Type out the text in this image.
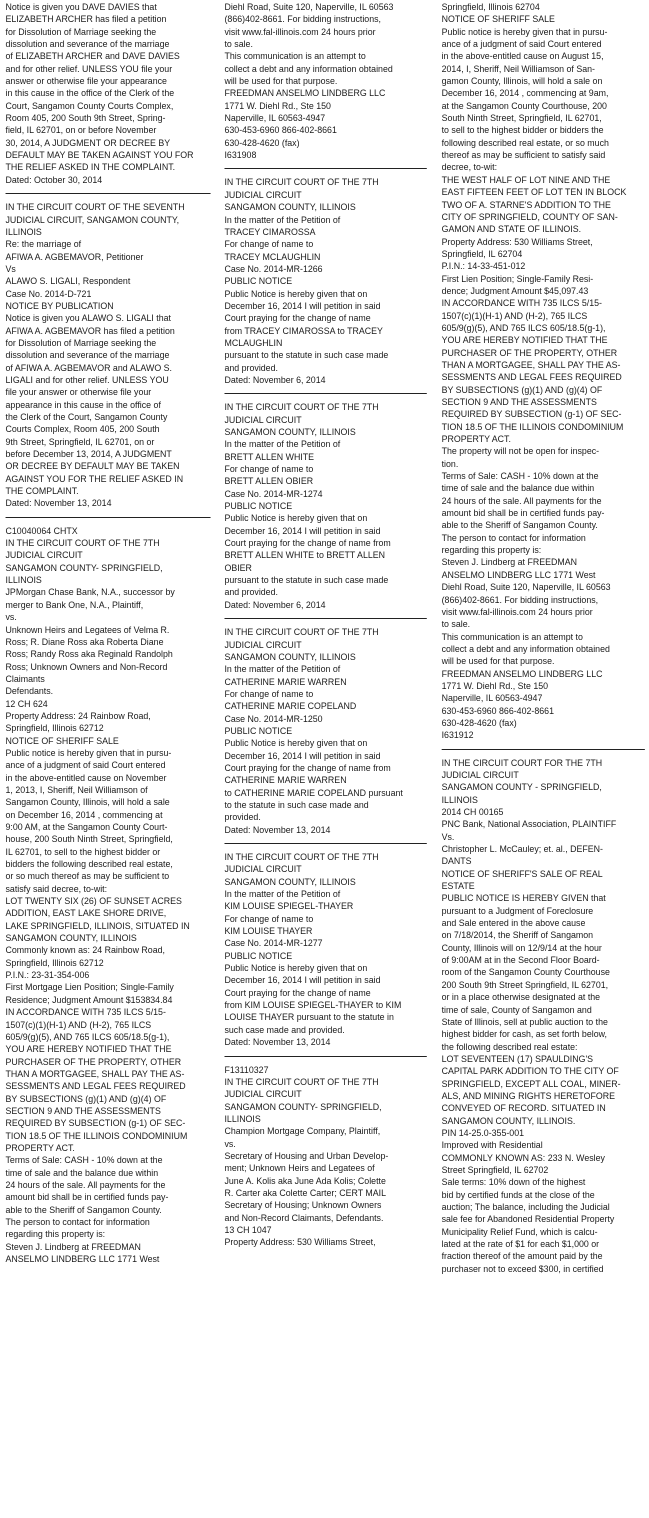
Notice is given you DAVE DAVIES that
ELIZABETH ARCHER has filed a petition
for Dissolution of Marriage seeking the
dissolution and severance of the marriage
of ELIZABETH ARCHER and DAVE DAVIES
and for other relief. UNLESS YOU file your
answer or otherwise file your appearance
in this cause in the office of the Clerk of the
Court, Sangamon County Courts Complex,
Room 405, 200 South 9th Street, Spring-
field, IL 62701, on or before November
30, 2014, A JUDGMENT OR DECREE BY
DEFAULT MAY BE TAKEN AGAINST YOU FOR
THE RELIEF ASKED IN THE COMPLAINT.
Dated: October 30, 2014
IN THE CIRCUIT COURT OF THE SEVENTH
JUDICIAL CIRCUIT, SANGAMON COUNTY,
ILLINOIS
Re: the marriage of
AFIWA A. AGBEMAVOR, Petitioner
Vs
ALAWO S. LIGALI, Respondent
Case No. 2014-D-721
NOTICE BY PUBLICATION
Notice is given you ALAWO S. LIGALI that
AFIWA A. AGBEMAVOR has filed a petition
for Dissolution of Marriage seeking the
dissolution and severance of the marriage
of AFIWA A. AGBEMAVOR and ALAWO S.
LIGALI and for other relief. UNLESS YOU
file your answer or otherwise file your
appearance in this cause in the office of
the Clerk of the Court, Sangamon County
Courts Complex, Room 405, 200 South
9th Street, Springfield, IL 62701, on or
before December 13, 2014, A JUDGMENT
OR DECREE BY DEFAULT MAY BE TAKEN
AGAINST YOU FOR THE RELIEF ASKED IN
THE COMPLAINT.
Dated: November 13, 2014
C10040064 CHTX
IN THE CIRCUIT COURT OF THE 7TH
JUDICIAL CIRCUIT
SANGAMON COUNTY- SPRINGFIELD,
ILLINOIS
JPMorgan Chase Bank, N.A., successor by
merger to Bank One, N.A., Plaintiff,
vs.
Unknown Heirs and Legatees of Velma R.
Ross; R. Diane Ross aka Roberta Diane
Ross; Randy Ross aka Reginald Randolph
Ross; Unknown Owners and Non-Record
Claimants
Defendants.
12 CH 624
Property Address: 24 Rainbow Road,
Springfield, Illinois 62712
NOTICE OF SHERIFF SALE
Public notice is hereby given that in pursu-
ance of a judgment of said Court entered
in the above-entitled cause on November
1, 2013, I, Sheriff, Neil Williamson of
Sangamon County, Illinois, will hold a sale
on December 16, 2014 , commencing at
9:00 AM, at the Sangamon County Court-
house, 200 South Ninth Street, Springfield,
IL 62701, to sell to the highest bidder or
bidders the following described real estate,
or so much thereof as may be sufficient to
satisfy said decree, to-wit:
LOT TWENTY SIX (26) OF SUNSET ACRES
ADDITION, EAST LAKE SHORE DRIVE,
LAKE SPRINGFIELD, ILLINOIS, SITUATED IN
SANGAMON COUNTY, ILLINOIS
Commonly known as: 24 Rainbow Road,
Springfield, Illinois 62712
P.I.N.: 23-31-354-006
First Mortgage Lien Position; Single-Family
Residence; Judgment Amount $153834.84
IN ACCORDANCE WITH 735 ILCS 5/15-
1507(c)(1)(H-1) AND (H-2), 765 ILCS
605/9(g)(5), AND 765 ILCS 605/18.5(g-1),
YOU ARE HEREBY NOTIFIED THAT THE
PURCHASER OF THE PROPERTY, OTHER
THAN A MORTGAGEE, SHALL PAY THE AS-
SESSMENTS AND LEGAL FEES REQUIRED
BY SUBSECTIONS (g)(1) AND (g)(4) OF
SECTION 9 AND THE ASSESSMENTS
REQUIRED BY SUBSECTION (g-1) OF SEC-
TION 18.5 OF THE ILLINOIS CONDOMINIUM
PROPERTY ACT.
Terms of Sale: CASH - 10% down at the
time of sale and the balance due within
24 hours of the sale. All payments for the
amount bid shall be in certified funds pay-
able to the Sheriff of Sangamon County.
The person to contact for information
regarding this property is:
Steven J. Lindberg at FREEDMAN
ANSELMO LINDBERG LLC 1771 West
Diehl Road, Suite 120, Naperville, IL 60563
(866)402-8661. For bidding instructions,
visit www.fal-illinois.com 24 hours prior
to sale.
This communication is an attempt to
collect a debt and any information obtained
will be used for that purpose.
FREEDMAN ANSELMO LINDBERG LLC
1771 W. Diehl Rd., Ste 150
Naperville, IL 60563-4947
630-453-6960 866-402-8661
630-428-4620 (fax)
I631908
IN THE CIRCUIT COURT OF THE 7TH
JUDICIAL CIRCUIT
SANGAMON COUNTY, ILLINOIS
In the matter of the Petition of
TRACEY CIMAROSSA
For change of name to
TRACEY MCLAUGHLIN
Case No. 2014-MR-1266
PUBLIC NOTICE
Public Notice is hereby given that on
December 16, 2014 I will petition in said
Court praying for the change of name
from TRACEY CIMAROSSA to TRACEY
MCLAUGHLIN
pursuant to the statute in such case made
and provided.
Dated: November 6, 2014
IN THE CIRCUIT COURT OF THE 7TH
JUDICIAL CIRCUIT
SANGAMON COUNTY, ILLINOIS
In the matter of the Petition of
BRETT ALLEN WHITE
For change of name to
BRETT ALLEN OBIER
Case No. 2014-MR-1274
PUBLIC NOTICE
Public Notice is hereby given that on
December 16, 2014 I will petition in said
Court praying for the change of name from
BRETT ALLEN WHITE to BRETT ALLEN
OBIER
pursuant to the statute in such case made
and provided.
Dated: November 6, 2014
IN THE CIRCUIT COURT OF THE 7TH
JUDICIAL CIRCUIT
SANGAMON COUNTY, ILLINOIS
In the matter of the Petition of
CATHERINE MARIE WARREN
For change of name to
CATHERINE MARIE COPELAND
Case No. 2014-MR-1250
PUBLIC NOTICE
Public Notice is hereby given that on
December 16, 2014 I will petition in said
Court praying for the change of name from
CATHERINE MARIE WARREN
to CATHERINE MARIE COPELAND pursuant
to the statute in such case made and
provided.
Dated: November 13, 2014
IN THE CIRCUIT COURT OF THE 7TH
JUDICIAL CIRCUIT
SANGAMON COUNTY, ILLINOIS
In the matter of the Petition of
KIM LOUISE SPIEGEL-THAYER
For change of name to
KIM LOUISE THAYER
Case No. 2014-MR-1277
PUBLIC NOTICE
Public Notice is hereby given that on
December 16, 2014 I will petition in said
Court praying for the change of name
from KIM LOUISE SPIEGEL-THAYER to KIM
LOUISE THAYER pursuant to the statute in
such case made and provided.
Dated: November 13, 2014
F13110327
IN THE CIRCUIT COURT OF THE 7TH
JUDICIAL CIRCUIT
SANGAMON COUNTY- SPRINGFIELD,
ILLINOIS
Champion Mortgage Company, Plaintiff,
vs.
Secretary of Housing and Urban Develop-
ment; Unknown Heirs and Legatees of
June A. Kolis aka June Ada Kolis; Colette
R. Carter aka Colette Carter; CERT MAIL
Secretary of Housing; Unknown Owners
and Non-Record Claimants, Defendants.
13 CH 1047
Property Address: 530 Williams Street,
Springfield, Illinois 62704
NOTICE OF SHERIFF SALE
Public notice is hereby given that in pursu-
ance of a judgment of said Court entered
in the above-entitled cause on August 15,
2014, I, Sheriff, Neil Williamson of San-
gamon County, Illinois, will hold a sale on
December 16, 2014 , commencing at 9am,
at the Sangamon County Courthouse, 200
South Ninth Street, Springfield, IL 62701,
to sell to the highest bidder or bidders the
following described real estate, or so much
thereof as may be sufficient to satisfy said
decree, to-wit:
THE WEST HALF OF LOT NINE AND THE
EAST FIFTEEN FEET OF LOT TEN IN BLOCK
TWO OF A. STARNE'S ADDITION TO THE
CITY OF SPRINGFIELD, COUNTY OF SAN-
GAMON AND STATE OF ILLINOIS.
Property Address: 530 Williams Street,
Springfield, IL 62704
P.I.N.: 14-33-451-012
First Lien Position; Single-Family Resi-
dence; Judgment Amount $45,097.43
IN ACCORDANCE WITH 735 ILCS 5/15-
1507(c)(1)(H-1) AND (H-2), 765 ILCS
605/9(g)(5), AND 765 ILCS 605/18.5(g-1),
YOU ARE HEREBY NOTIFIED THAT THE
PURCHASER OF THE PROPERTY, OTHER
THAN A MORTGAGEE, SHALL PAY THE AS-
SESSMENTS AND LEGAL FEES REQUIRED
BY SUBSECTIONS (g)(1) AND (g)(4) OF
SECTION 9 AND THE ASSESSMENTS
REQUIRED BY SUBSECTION (g-1) OF SEC-
TION 18.5 OF THE ILLINOIS CONDOMINIUM
PROPERTY ACT.
The property will not be open for inspec-
tion.
Terms of Sale: CASH - 10% down at the
time of sale and the balance due within
24 hours of the sale. All payments for the
amount bid shall be in certified funds pay-
able to the Sheriff of Sangamon County.
The person to contact for information
regarding this property is:
Steven J. Lindberg at FREEDMAN
ANSELMO LINDBERG LLC 1771 West
Diehl Road, Suite 120, Naperville, IL 60563
(866)402-8661. For bidding instructions,
visit www.fal-illinois.com 24 hours prior
to sale.
This communication is an attempt to
collect a debt and any information obtained
will be used for that purpose.
FREEDMAN ANSELMO LINDBERG LLC
1771 W. Diehl Rd., Ste 150
Naperville, IL 60563-4947
630-453-6960 866-402-8661
630-428-4620 (fax)
I631912
IN THE CIRCUIT COURT FOR THE 7TH
JUDICIAL CIRCUIT
SANGAMON COUNTY - SPRINGFIELD,
ILLINOIS
2014 CH 00165
PNC Bank, National Association, PLAINTIFF
Vs.
Christopher L. McCauley; et. al., DEFEN-
DANTS
NOTICE OF SHERIFF'S SALE OF REAL
ESTATE
PUBLIC NOTICE IS HEREBY GIVEN that
pursuant to a Judgment of Foreclosure
and Sale entered in the above cause
on 7/18/2014, the Sheriff of Sangamon
County, Illinois will on 12/9/14 at the hour
of 9:00AM at in the Second Floor Board-
room of the Sangamon County Courthouse
200 South 9th Street Springfield, IL 62701,
or in a place otherwise designated at the
time of sale, County of Sangamon and
State of Illinois, sell at public auction to the
highest bidder for cash, as set forth below,
the following described real estate:
LOT SEVENTEEN (17) SPAULDING'S
CAPITAL PARK ADDITION TO THE CITY OF
SPRINGFIELD, EXCEPT ALL COAL, MINER-
ALS, AND MINING RIGHTS HERETOFORE
CONVEYED OF RECORD. SITUATED IN
SANGAMON COUNTY, ILLINOIS.
PIN 14-25.0-355-001
Improved with Residential
COMMONLY KNOWN AS: 233 N. Wesley
Street Springfield, IL 62702
Sale terms: 10% down of the highest
bid by certified funds at the close of the
auction; The balance, including the Judicial
sale fee for Abandoned Residential Property
Municipality Relief Fund, which is calcu-
lated at the rate of $1 for each $1,000 or
fraction thereof of the amount paid by the
purchaser not to exceed $300, in certified
